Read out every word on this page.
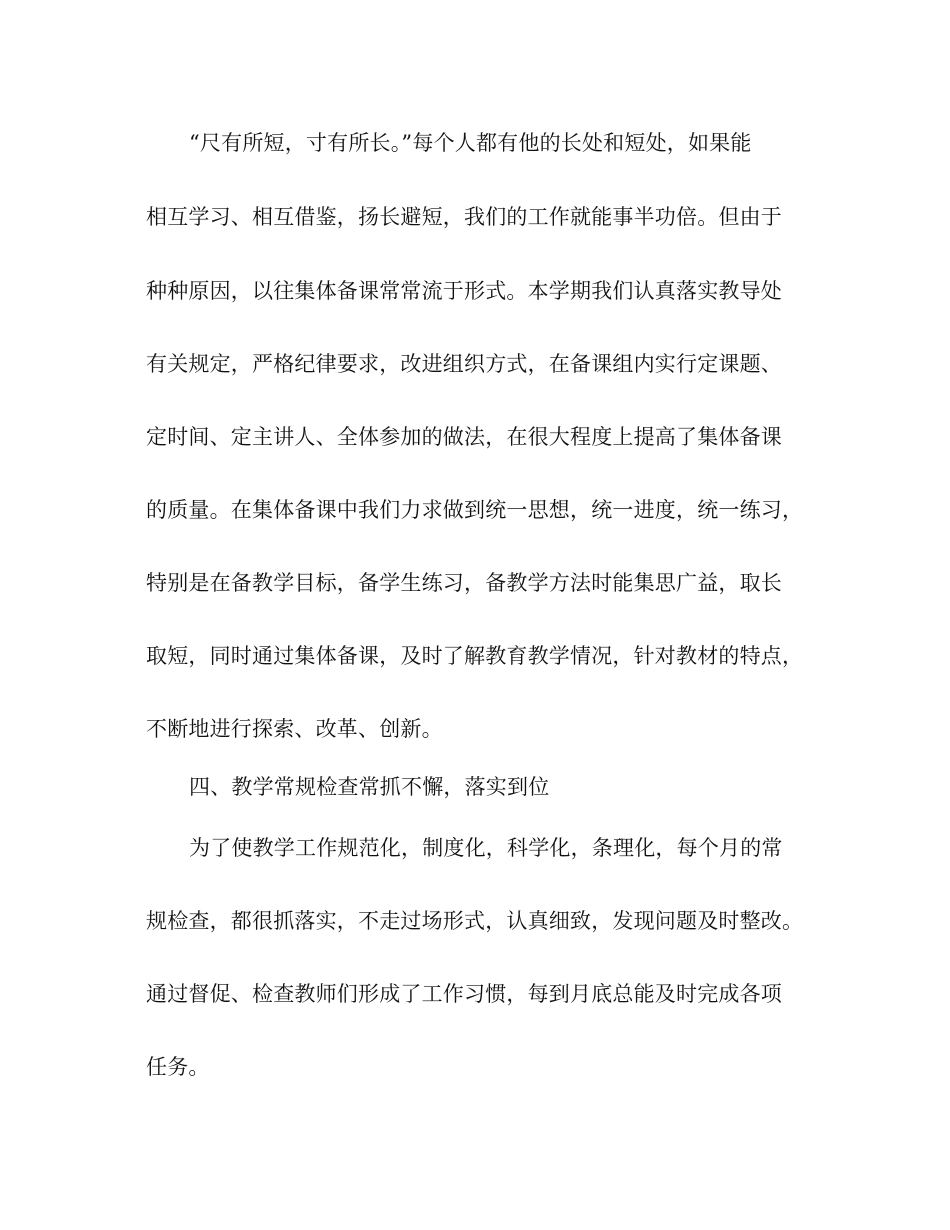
“尺有所短，寸有所长。”每个人都有他的长处和短处，如果能
相互学习、相互借鉴，扬长避短，我们的工作就能事半功倍。但由于
种种原因，以往集体备课常常流于形式。本学期我们认真落实教导处
有关规定，严格纪律要求，改进组织方式，在备课组内实行定课题、
定时间、定主讲人、全体参加的做法，在很大程度上提高了集体备课
的质量。在集体备课中我们力求做到统一思想，统一进度，统一练习，
特别是在备教学目标，备学生练习，备教学方法时能集思广益，取长
取短，同时通过集体备课，及时了解教育教学情况，针对教材的特点，
不断地进行探索、改革、创新。
四、教学常规检查常抓不懈，落实到位
为了使教学工作规范化，制度化，科学化，条理化，每个月的常
规检查，都很抓落实，不走过场形式，认真细致，发现问题及时整改。
通过督促、检查教师们形成了工作习惯，每到月底总能及时完成各项
任务。
